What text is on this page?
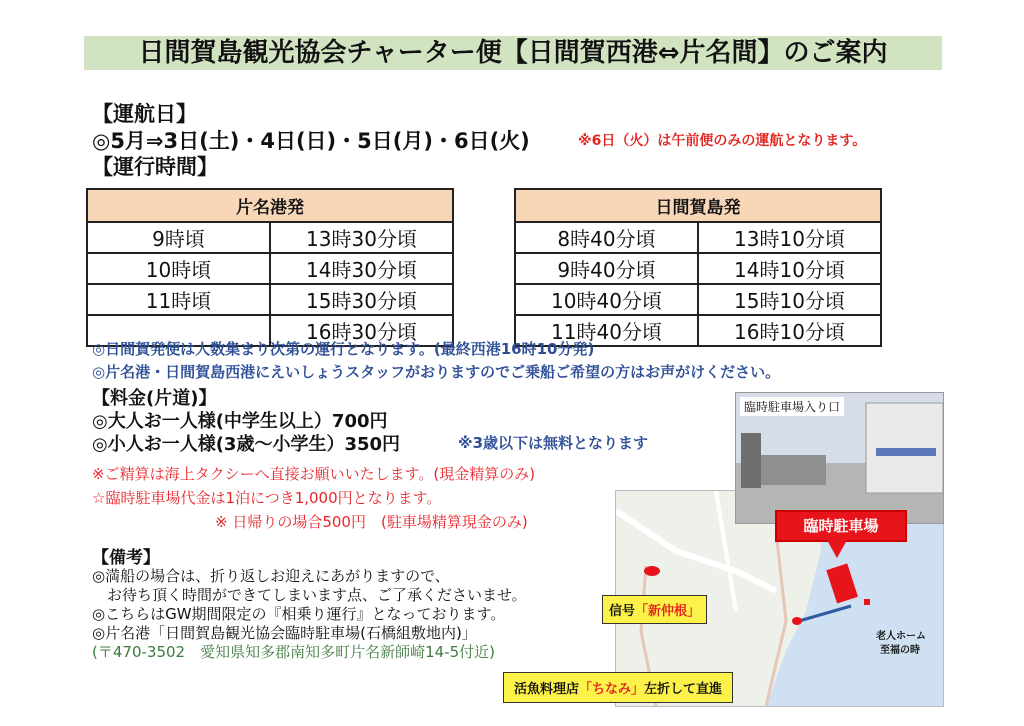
日間賀島観光協会チャーター便【日間賀西港⇔片名間】のご案内
【運航日】
◎5月⇒3日(土)・4日(日)・5日(月)・6日(火)	※6日（火）は午前便のみの運航となります。
【運行時間】
片名港発	
9時頃	13時30分頃
10時頃	14時30分頃
11時頃	15時30分頃
	16時30分頃
日間賀島発	
8時40分頃	13時10分頃
9時40分頃	14時10分頃
10時40分頃	15時10分頃
11時40分頃	16時10分頃
◎日間賀発便は人数集まり次第の運行となります。(最終西港16時10分発)
◎片名港・日間賀島西港にえいしょうスタッフがおりますのでご乗船ご希望の方はお声がけください。
【料金(片道)】
◎大人お一人様(中学生以上）700円
◎小人お一人様(3歳～小学生）350円	※3歳以下は無料となります
※ご精算は海上タクシーへ直接お願いいたします。(現金精算のみ)
☆臨時駐車場代金は1泊につき1,000円となります。
※ 日帰りの場合500円　(駐車場精算現金のみ)
【備考】
◎満船の場合は、折り返しお迎えにあがりますので、
　お待ち頂く時間ができてしまいます点、ご了承くださいませ。
◎こちらはGW期間限定の『相乗り運行』となっております。
◎片名港「日間賀島観光協会臨時駐車場(石橋組敷地内)」
(〒470-3502　愛知県知多郡南知多町片名新師崎14-5付近)
臨時駐車場入り口
臨時駐車場
信号「新仲根」
老人ホーム
至福の時
活魚料理店「ちなみ」左折して直進
